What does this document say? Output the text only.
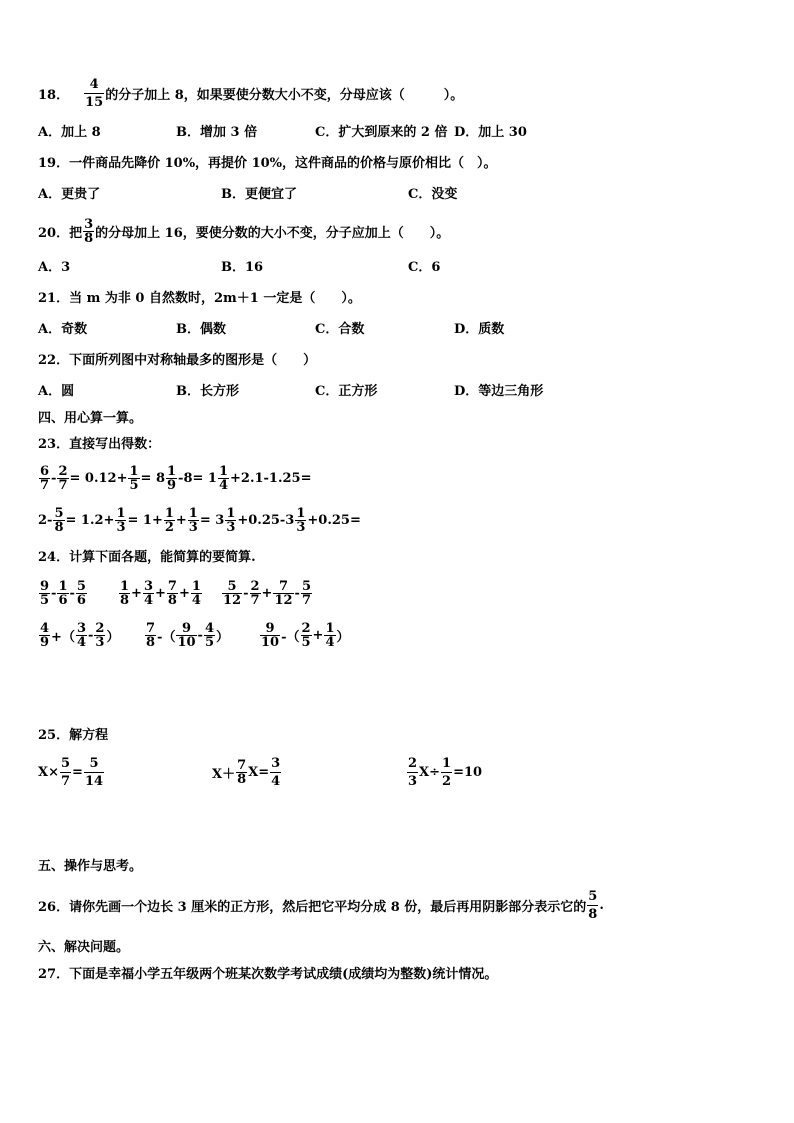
18． $\frac{4}{15}$ 的分子加上 8，如果要使分数大小不变，分母应该（　　　）。
A．加上 8	B．增加 3 倍	C．扩大到原来的 2 倍 D．加上 30
19．一件商品先降价 10%，再提价 10%，这件商品的价格与原价相比（　）。
A．更贵了	B．更便宜了	C．没变
20．把 $\frac{3}{8}$ 的分母加上 16，要使分数的大小不变，分子应加上（　　）。
A．3	B．16	C．6
21．当 m 为非 0 自然数时，2m＋1 一定是（　　）。
A．奇数	B．偶数	C．合数	D．质数
22．下面所列图中对称轴最多的图形是（　　）
A．圆	B．长方形	C．正方形	D．等边三角形
四、用心算一算。
23．直接写出得数：
$\frac{6}{7} - \frac{2}{7} = 0.12+ \frac{1}{5} = 8 \frac{1}{9} -8= 1 \frac{1}{4} +2.1-1.25=$
$2- \frac{5}{8} = 1.2+ \frac{1}{3} = 1+ \frac{1}{2} + \frac{1}{3} = 3 \frac{1}{3} +0.25-3 \frac{1}{3} +0.25=$
24．计算下面各题，能简算的要简算.
$\frac{9}{5} - \frac{1}{6} - \frac{5}{6} \frac{1}{8} + \frac{3}{4} + \frac{7}{8} + \frac{1}{4} \frac{5}{12} - \frac{2}{7} + \frac{7}{12} - \frac{5}{7}$
$\frac{4}{9}$ +（ $\frac{3}{4} - \frac{2}{3}$ ） $\frac{7}{8}$ -（ $\frac{9}{10} - \frac{4}{5}$ ） $\frac{9}{10}$ -（ $\frac{2}{5} + \frac{1}{4}$ ）
25．解方程
$X\times \frac{5}{7} = \frac{5}{14}$	$X+ \frac{7}{8} X= \frac{3}{4}$	$\frac{2}{3} X\div \frac{1}{2} =10$
五、操作与思考。
26．请你先画一个边长 3 厘米的正方形，然后把它平均分成 8 份，最后再用阴影部分表示它的 $\frac{5}{8}$ .
六、解决问题。
27．下面是幸福小学五年级两个班某次数学考试成绩(成绩均为整数)统计情况。
